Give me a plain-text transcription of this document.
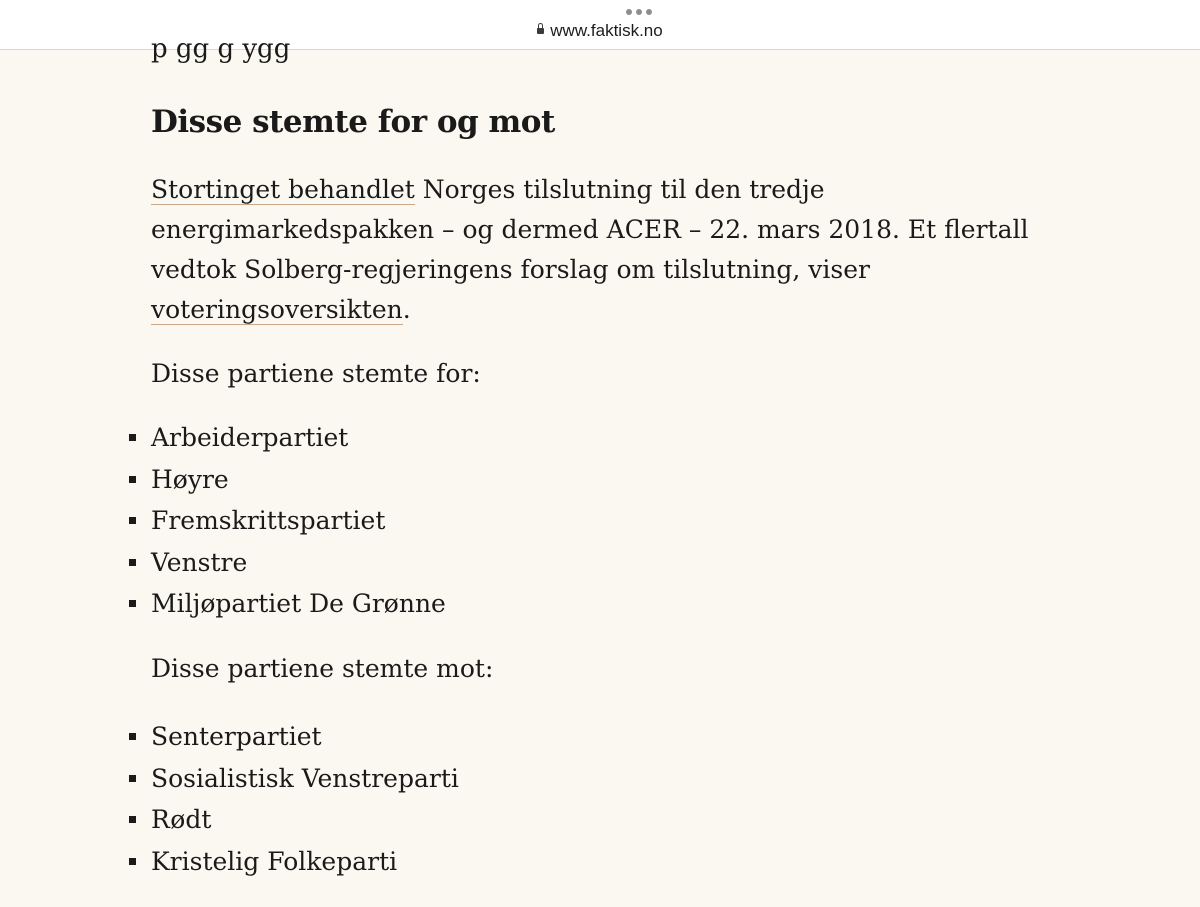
www.faktisk.no
p gg g ygg
Disse stemte for og mot

Stortinget behandlet Norges tilslutning til den tredje energimarkedspakken – og dermed ACER – 22. mars 2018. Et flertall vedtok Solberg-regjeringens forslag om tilslutning, viser voteringsoversikten.

Disse partiene stemte for:

Arbeiderpartiet
Høyre
Fremskrittspartiet
Venstre
Miljøpartiet De Grønne

Disse partiene stemte mot:

Senterpartiet
Sosialistisk Venstreparti
Rødt
Kristelig Folkeparti
